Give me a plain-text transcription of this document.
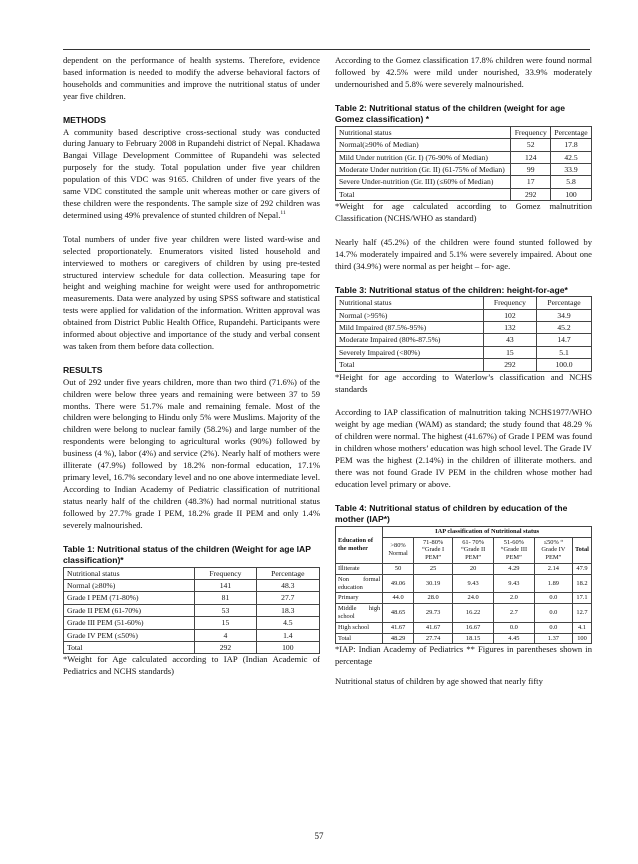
dependent on the performance of health systems. Therefore, evidence based information is needed to modify the adverse behavioral factors of households and communities and improve the nutritional status of under year five children.

METHODS

A community based descriptive cross-sectional study was conducted during January to February 2008 in Rupandehi district of Nepal. Khadawa Bangai Village Development Committee of Rupandehi was selected purposely for the study. Total population under five year children population of this VDC was 9165. Children of under five years of the same VDC constituted the sample unit whereas mother or care givers of these children were the respondents. The sample size of 292 children was determined using 49% prevalence of stunted children of Nepal.$^{11}$

Total numbers of under five year children were listed ward-wise and selected proportionately. Enumerators visited listed household and interviewed to mothers or caregivers of children by using pre-tested structured interview schedule for data collection. Measuring tape for height and weighing machine for weight were used for anthropometric measurements. Data were analyzed by using SPSS software and statistical tests were applied for validation of the information. Written approval was obtained from District Public Health Office, Rupandehi. Participants were informed about objective and importance of the study and verbal consent was taken from them before data collection.

RESULTS

Out of 292 under five years children, more than two third (71.6%) of the children were below three years and remaining were between 37 to 59 months. There were 51.7% male and remaining female. Most of the children were belonging to Hindu only 5% were Muslims. Majority of the children were belong to nuclear family (58.2%) and large number of the respondents were belonging to agricultural works (90%) followed by business (4 %), labor (4%) and service (2%). Nearly half of mothers were illiterate (47.9%) followed by 18.2% non-formal education, 17.1% primary level, 16.7% secondary level and no one above intermediate level.

According to Indian Academy of Pediatric classification of nutritional status nearly half of the children (48.3%) had normal nutritional status followed by 27.7% grade I PEM, 18.2% grade II PEM and only 1.4% severely malnourished.

Table 1: Nutritional status of the children (Weight for age IAP classification)*

Nutritional status	Frequency	Percentage
Normal (≥80%)	141	48.3
Grade I PEM (71-80%)	81	27.7
Grade II PEM (61-70%)	53	18.3
Grade III PEM (51-60%)	15	4.5
Grade IV PEM (≤50%)	4	1.4
Total	292	100

*Weight for Age calculated according to IAP (Indian Academic of Pediatrics and NCHS standards)

According to the Gomez classification 17.8% children were found normal followed by 42.5% were mild under nourished, 33.9% moderately undernourished and 5.8% were severely malnourished.

Table 2: Nutritional status of the children (weight for age Gomez classification) *

Nutritional status	Frequency	Percentage
Normal(≥90% of Median)	52	17.8
Mild Under nutrition (Gr. I) (76-90% of Median)	124	42.5
Moderate Under nutrition (Gr. II) (61-75% of Median)	99	33.9
Severe Under-nutrition (Gr. III) (≤60% of Median)	17	5.8
Total	292	100

*Weight for age calculated according to Gomez malnutrition Classification (NCHS/WHO as standard)

Nearly half (45.2%) of the children were found stunted followed by 14.7% moderately impaired and 5.1% were severely impaired. About one third (34.9%) were normal as per height – for- age.

Table 3: Nutritional status of the children: height-for-age*

Nutritional status	Frequency	Percentage
Normal (>95%)	102	34.9
Mild Impaired (87.5%-95%)	132	45.2
Moderate Impaired (80%-87.5%)	43	14.7
Severely Impaired (<80%)	15	5.1
Total	292	100.0

*Height for age according to Waterlow’s classification and NCHS standards

According to IAP classification of malnutrition taking NCHS1977/WHO weight by age median (WAM) as standard; the study found that 48.29 % of children were normal. The highest (41.67%) of Grade I PEM was found in children whose mothers’ education was high school level. The Grade IV PEM was the highest (2.14%) in the children of illiterate mothers. and there was not found Grade IV PEM in the children whose mother had education level primary or above.

Table 4: Nutritional status of children by education of the mother (IAP*)

Education of the mother	IAP classification of Nutritional status					
	>80% Normal	71-80% “Grade I PEM”	61- 70% “Grade II PEM”	51-60% “Grade III PEM”	≤50% “ Grade IV PEM”	Total
Illiterate	50	25	20	4.29	2.14	47.9
Non formal education	49.06	30.19	9.43	9.43	1.89	18.2
Primary	44.0	28.0	24.0	2.0	0.0	17.1
Middle high school	48.65	29.73	16.22	2.7	0.0	12.7
High school	41.67	41.67	16.67	0.0	0.0	4.1
Total	48.29	27.74	18.15	4.45	1.37	100

*IAP: Indian Academy of Pediatrics ** Figures in parentheses shown in percentage

Nutritional status of children by age showed that nearly fifty

57
